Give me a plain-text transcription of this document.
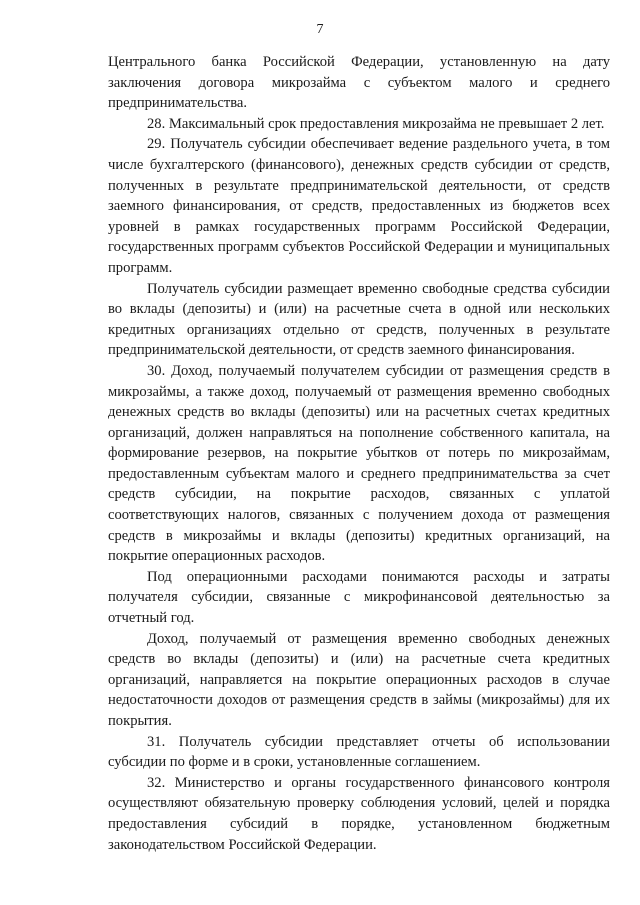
7

Центрального банка Российской Федерации, установленную на дату заключения договора микрозайма с субъектом малого и среднего предпринимательства.

28. Максимальный срок предоставления микрозайма не превышает 2 лет.

29. Получатель субсидии обеспечивает ведение раздельного учета, в том числе бухгалтерского (финансового), денежных средств субсидии от средств, полученных в результате предпринимательской деятельности, от средств заемного финансирования, от средств, предоставленных из бюджетов всех уровней в рамках государственных программ Российской Федерации, государственных программ субъектов Российской Федерации и муниципальных программ.

Получатель субсидии размещает временно свободные средства субсидии во вклады (депозиты) и (или) на расчетные счета в одной или нескольких кредитных организациях отдельно от средств, полученных в результате предпринимательской деятельности, от средств заемного финансирования.

30. Доход, получаемый получателем субсидии от размещения средств в микрозаймы, а также доход, получаемый от размещения временно свободных денежных средств во вклады (депозиты) или на расчетных счетах кредитных организаций, должен направляться на пополнение собственного капитала, на формирование резервов, на покрытие убытков от потерь по микрозаймам, предоставленным субъектам малого и среднего предпринимательства за счет средств субсидии, на покрытие расходов, связанных с уплатой соответствующих налогов, связанных с получением дохода от размещения средств в микрозаймы и вклады (депозиты) кредитных организаций, на покрытие операционных расходов.

Под операционными расходами понимаются расходы и затраты получателя субсидии, связанные с микрофинансовой деятельностью за отчетный год.

Доход, получаемый от размещения временно свободных денежных средств во вклады (депозиты) и (или) на расчетные счета кредитных организаций, направляется на покрытие операционных расходов в случае недостаточности доходов от размещения средств в займы (микрозаймы) для их покрытия.

31. Получатель субсидии представляет отчеты об использовании субсидии по форме и в сроки, установленные соглашением.

32. Министерство и органы государственного финансового контроля осуществляют обязательную проверку соблюдения условий, целей и порядка предоставления субсидий в порядке, установленном бюджетным законодательством Российской Федерации.
